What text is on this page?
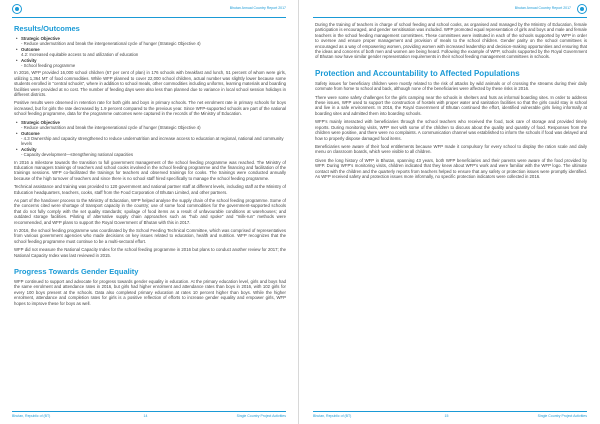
Bhutan Annual Country Report 2017
Results/Outcomes
• Strategic Objective
- Reduce undernutrition and break the intergenerational cycle of hunger (Strategic Objective 4)
• Outcome
4.2: Increased equitable access to and utilization of education
• Activity
- School feeding programme

In 2016, WFP provided 16,000 school children (67 per cent of plan) in 176 schools with breakfast and lunch, 51 percent of whom were girls, utilizing 1,364 MT of food commodities. While WFP planned to cover 22,000 school children, actual number was slightly lower because some students enrolled in "central schools", where in addition to school meals, other commodities including uniforms, learning materials and boarding facilities were provided at no cost. The number of feeding days were also less than planned due to variance in local school session holidays in different districts.

Positive results were observed in retention rate for both girls and boys in primary schools. The net enrolment rate in primary schools for boys increased, but for girls the rate decreased by 1.9 percent compared to the previous year. Since WFP-supported schools are part of the national school feeding programme, data for the programme outcomes were captured in the records of the Ministry of Education.

• Strategic Objective
- Reduce undernutrition and break the intergenerational cycle of hunger (Strategic Objective 4)
• Outcome
- 4.3 Ownership and capacity strengthened to reduce undernutrition and increase access to education at regional, national and community levels
• Activity
- Capacity development—strengthening national capacities

In 2016 a milestone towards the transition to full government management of the school feeding programme was reached. The Ministry of Education managers trainings of teachers and school cooks involved in the school feeding programme and the financing and facilitation of the trainings sessions. WFP co-facilitated the trainings for teachers and observed trainings for cooks. The trainings were conducted annually because of the high turnover of teachers and since there is no school staff hired specifically to manage the school feeding programme.

Technical assistance and training was provided to 120 government and national partner staff at different levels, including staff at the Ministry of Education headquarters, teachers, cooks, staff from the Food Corporation of Bhutan Limited, and other partners.

As part of the handover process to the Ministry of Education, WFP helped analyse the supply chain of the school feeding programme. Some of the concerns cited were shortage of transport capacity in the country; use of some food commodities for the government-supported schools that do not fully comply with the set quality standards; spoilage of food items as a result of unfavourable conditions at warehouses; and outdated storage facilities. Piloting of alternative supply chain approaches such as "hub and spoke" and "milk-run" methods were recommended, and WFP plans to support the Royal Government of Bhutan with this in 2017.

In 2016, the school feeding programme was coordinated by the School Feeding Technical Committee, which was comprised of representatives from various government agencies who made decisions on key issues related to education, health and nutrition. WFP recognizes that the school feeding programme must continue to be a multi-sectoral effort.

WFP did not measure the National Capacity Index for the school feeding programme in 2016 but plans to conduct another review for 2017; the National Capacity Index was last reviewed in 2015.

Progress Towards Gender Equality

WFP continued to support and advocate for progress towards gender equality in education. At the primary education level, girls and boys had the same enrolment and attendance rates in 2016, but girls had higher enrolment and attendance rates than boys in 2016, with 102 girls for every 100 boys present at the schools. Data also completed primary education at rates 10 percent higher than boys. While the higher enrolment, attendance and completion rates for girls is a positive reflection of efforts to increase gender equality and empower girls, WFP hopes to improve these for boys as well.

Bhutan, Republic of (BT)	14	Single Country Project Activities
Bhutan Annual Country Report 2017

During the training of teachers in charge of school feeding and school cooks, as organised and managed by the Ministry of Education, female participation is encouraged, and gender sensitisation was included. WFP promoted equal representation of girls and boys and male and female teachers in the school feeding management committees. These committees were instituted in each of the schools supported by WFP in order to oversee and ensure proper management and provision of meals to the school children. Gender parity on the school committees is encouraged as a way of empowering women, providing women with increased leadership and decision-making opportunities and ensuring that the ideas and concerns of both men and women are being heard. Following the example of WFP, schools supported by the Royal Government of Bhutan now have similar gender representation requirements in their school feeding management committees in schools.

Protection and Accountability to Affected Populations

Safety issues for beneficiary children were mostly related to the risk of attacks by wild animals or of crossing the streams during their daily commute from home to school and back, although none of the beneficiaries were affected by these risks in 2016.

There were some safety challenges for the girls camping near the schools in shelters and huts as informal boarding sites. In order to address these issues, WFP used to support the construction of hostels with proper water and sanitation facilities so that the girls could stay in school and live in a safe environment. In 2016, the Royal Government of Bhutan continued the effort, identified vulnerable girls living informally at boarding sites and admitted them into boarding schools.

WFP's mainly interacted with beneficiaries through the school teachers who received the food, took care of storage and provided timely reports. During monitoring visits, WFP met with some of the children to discuss about the quality and quantity of food. Responses from the children were positive, and there were no complaints. A communication channel was established to inform the schools if food was delayed and how to properly dispose damaged food items.

Beneficiaries were aware of their food entitlements because WFP made it compulsory for every school to display the ration scale and daily menu on classroom boards, which were visible to all children.

Given the long history of WFP in Bhutan, spanning 43 years, both WFP beneficiaries and their parents were aware of the food provided by WFP. During WFP's monitoring visits, children indicated that they knew about WFP's work and were familiar with the WFP logo. The ultimate contact with the children and the quarterly reports from teachers helped to ensure that any safety or protection issues were promptly identified. As WFP received safety and protection issues more informally, no specific protection indicators were collected in 2016.

Bhutan, Republic of (BT)	15	Single Country Project Activities
